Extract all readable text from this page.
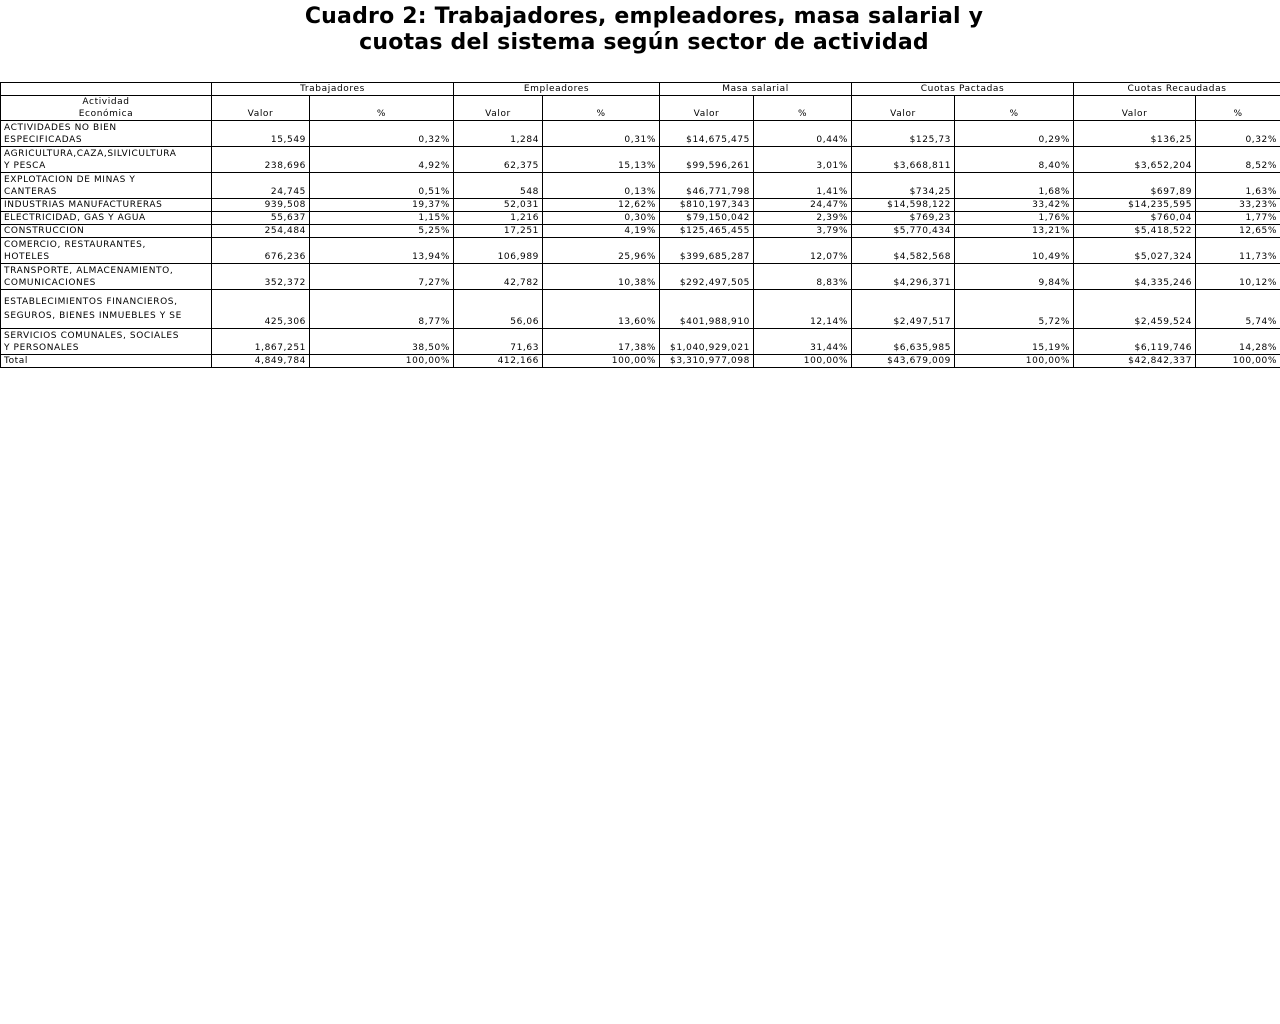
Cuadro 2: Trabajadores, empleadores, masa salarial y
cuotas del sistema según sector de actividad
	Trabajadores		Empleadores		Masa salarial		Cuotas Pactadas		Cuotas Recaudadas	

Actividad
Económica	Valor	%	Valor	%	Valor	%	Valor	%	Valor	%

ACTIVIDADES NO BIEN
ESPECIFICADAS	15,549	0,32%	1,284	0,31%	$14,675,475	0,44%	$125,73	0,29%	$136,25	0,32%

AGRICULTURA,CAZA,SILVICULTURA
Y PESCA	238,696	4,92%	62,375	15,13%	$99,596,261	3,01%	$3,668,811	8,40%	$3,652,204	8,52%

EXPLOTACION DE MINAS Y
CANTERAS	24,745	0,51%	548	0,13%	$46,771,798	1,41%	$734,25	1,68%	$697,89	1,63%

INDUSTRIAS MANUFACTURERAS	939,508	19,37%	52,031	12,62%	$810,197,343	24,47%	$14,598,122	33,42%	$14,235,595	33,23%

ELECTRICIDAD, GAS Y AGUA	55,637	1,15%	1,216	0,30%	$79,150,042	2,39%	$769,23	1,76%	$760,04	1,77%

CONSTRUCCION	254,484	5,25%	17,251	4,19%	$125,465,455	3,79%	$5,770,434	13,21%	$5,418,522	12,65%

COMERCIO, RESTAURANTES,
HOTELES	676,236	13,94%	106,989	25,96%	$399,685,287	12,07%	$4,582,568	10,49%	$5,027,324	11,73%

TRANSPORTE, ALMACENAMIENTO,
COMUNICACIONES	352,372	7,27%	42,782	10,38%	$292,497,505	8,83%	$4,296,371	9,84%	$4,335,246	10,12%

ESTABLECIMIENTOS FINANCIEROS,
SEGUROS, BIENES INMUEBLES Y SE	425,306	8,77%	56,06	13,60%	$401,988,910	12,14%	$2,497,517	5,72%	$2,459,524	5,74%

SERVICIOS COMUNALES, SOCIALES
Y PERSONALES	1,867,251	38,50%	71,63	17,38%	$1,040,929,021	31,44%	$6,635,985	15,19%	$6,119,746	14,28%

Total	4,849,784	100,00%	412,166	100,00%	$3,310,977,098	100,00%	$43,679,009	100,00%	$42,842,337	100,00%
